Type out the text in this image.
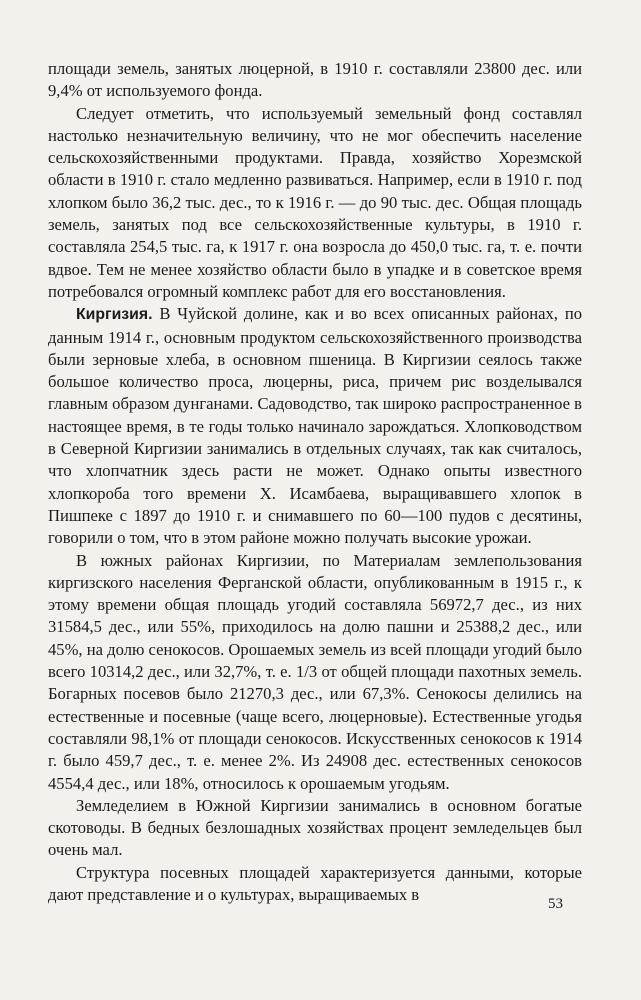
площади земель, занятых люцерной, в 1910 г. составляли 23800 дес. или 9,4% от используемого фонда.

Следует отметить, что используемый земельный фонд составлял настолько незначительную величину, что не мог обеспечить население сельскохозяйственными продуктами. Правда, хозяйство Хорезмской области в 1910 г. стало медленно развиваться. Например, если в 1910 г. под хлопком было 36,2 тыс. дес., то к 1916 г. — до 90 тыс. дес. Общая площадь земель, занятых под все сельскохозяйственные культуры, в 1910 г. составляла 254,5 тыс. га, к 1917 г. она возросла до 450,0 тыс. га, т. е. почти вдвое. Тем не менее хозяйство области было в упадке и в советское время потребовался огромный комплекс работ для его восстановления.

Киргизия. В Чуйской долине, как и во всех описанных районах, по данным 1914 г., основным продуктом сельскохозяйственного производства были зерновые хлеба, в основном пшеница. В Киргизии сеялось также большое количество проса, люцерны, риса, причем рис возделывался главным образом дунганами. Садоводство, так широко распространенное в настоящее время, в те годы только начинало зарождаться. Хлопководством в Северной Киргизии занимались в отдельных случаях, так как считалось, что хлопчатник здесь расти не может. Однако опыты известного хлопкороба того времени Х. Исамбаева, выращивавшего хлопок в Пишпеке с 1897 до 1910 г. и снимавшего по 60—100 пудов с десятины, говорили о том, что в этом районе можно получать высокие урожаи.

В южных районах Киргизии, по Материалам землепользования киргизского населения Ферганской области, опубликованным в 1915 г., к этому времени общая площадь угодий составляла 56972,7 дес., из них 31584,5 дес., или 55%, приходилось на долю пашни и 25388,2 дес., или 45%, на долю сенокосов. Орошаемых земель из всей площади угодий было всего 10314,2 дес., или 32,7%, т. е. 1/3 от общей площади пахотных земель. Богарных посевов было 21270,3 дес., или 67,3%. Сенокосы делились на естественные и посевные (чаще всего, люцерновые). Естественные угодья составляли 98,1% от площади сенокосов. Искусственных сенокосов к 1914 г. было 459,7 дес., т. е. менее 2%. Из 24908 дес. естественных сенокосов 4554,4 дес., или 18%, относилось к орошаемым угодьям.

Земледелием в Южной Киргизии занимались в основном богатые скотоводы. В бедных безлошадных хозяйствах процент земледельцев был очень мал.

Структура посевных площадей характеризуется данными, которые дают представление и о культурах, выращиваемых в

53
